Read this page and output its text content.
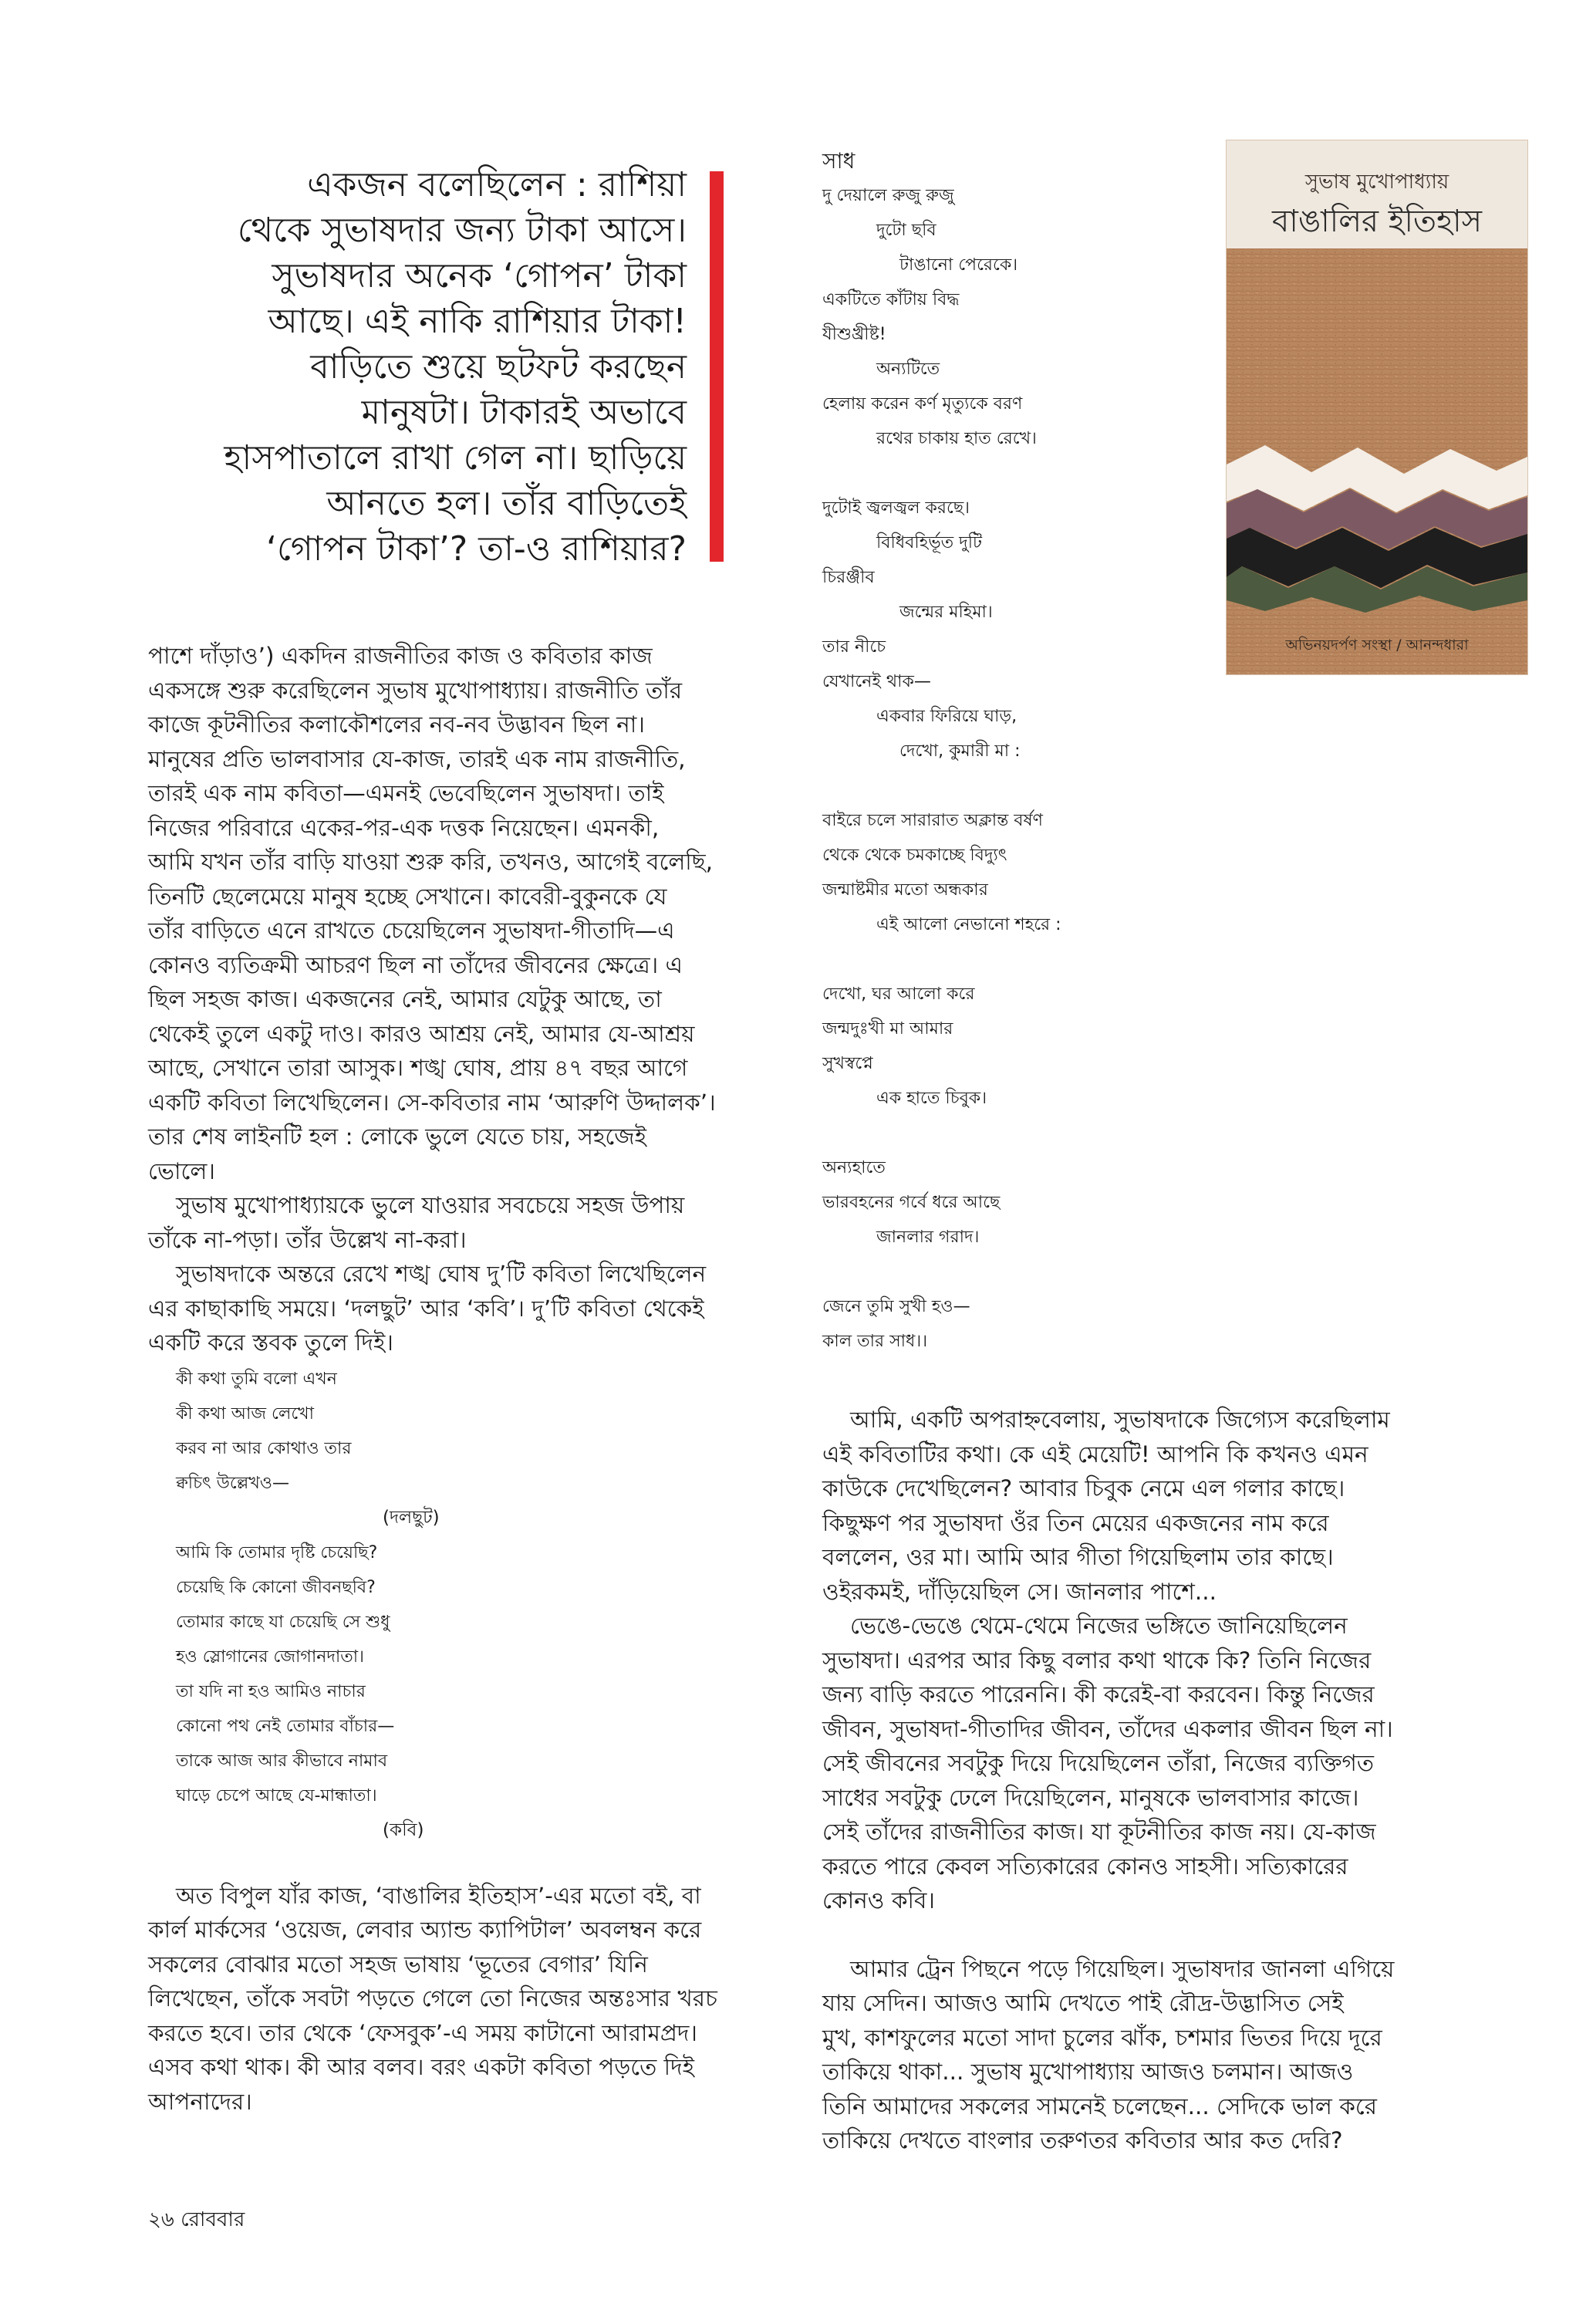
একজন বলেছিলেন : রাশিয়া
থেকে সুভাষদার জন্য টাকা আসে।
সুভাষদার অনেক ‘গোপন’ টাকা
আছে। এই নাকি রাশিয়ার টাকা!
বাড়িতে শুয়ে ছটফট করছেন
মানুষটা। টাকারই অভাবে
হাসপাতালে রাখা গেল না। ছাড়িয়ে
আনতে হল। তাঁর বাড়িতেই
‘গোপন টাকা’? তা-ও রাশিয়ার?

পাশে দাঁড়াও’) একদিন রাজনীতির কাজ ও কবিতার কাজ

একসঙ্গে শুরু করেছিলেন সুভাষ মুখোপাধ্যায়। রাজনীতি তাঁর

কাজে কূটনীতির কলাকৌশলের নব-নব উদ্ভাবন ছিল না।

মানুষের প্রতি ভালবাসার যে-কাজ, তারই এক নাম রাজনীতি,

তারই এক নাম কবিতা—এমনই ভেবেছিলেন সুভাষদা। তাই

নিজের পরিবারে একের-পর-এক দত্তক নিয়েছেন। এমনকী,

আমি যখন তাঁর বাড়ি যাওয়া শুরু করি, তখনও, আগেই বলেছি,

তিনটি ছেলেমেয়ে মানুষ হচ্ছে সেখানে। কাবেরী-বুকুনকে যে

তাঁর বাড়িতে এনে রাখতে চেয়েছিলেন সুভাষদা-গীতাদি—এ

কোনও ব্যতিক্রমী আচরণ ছিল না তাঁদের জীবনের ক্ষেত্রে। এ

ছিল সহজ কাজ। একজনের নেই, আমার যেটুকু আছে, তা

থেকেই তুলে একটু দাও। কারও আশ্রয় নেই, আমার যে-আশ্রয়

আছে, সেখানে তারা আসুক। শঙ্খ ঘোষ, প্রায় ৪৭ বছর আগে

একটি কবিতা লিখেছিলেন। সে-কবিতার নাম ‘আরুণি উদ্দালক’।

তার শেষ লাইনটি হল : লোকে ভুলে যেতে চায়, সহজেই

ভোলে।

সুভাষ মুখোপাধ্যায়কে ভুলে যাওয়ার সবচেয়ে সহজ উপায়

তাঁকে না-পড়া। তাঁর উল্লেখ না-করা।

সুভাষদাকে অন্তরে রেখে শঙ্খ ঘোষ দু’টি কবিতা লিখেছিলেন

এর কাছাকাছি সময়ে। ‘দলছুট’ আর ‘কবি’। দু’টি কবিতা থেকেই

একটি করে স্তবক তুলে দিই।

কী কথা তুমি বলো এখন
কী কথা আজ লেখো
করব না আর কোথাও তার
ক্বচিৎ উল্লেখও—
(দলছুট)
আমি কি তোমার দৃষ্টি চেয়েছি?
চেয়েছি কি কোনো জীবনছবি?
তোমার কাছে যা চেয়েছি সে শুধু
হও স্লোগানের জোগানদাতা।
তা যদি না হও আমিও নাচার
কোনো পথ নেই তোমার বাঁচার—
তাকে আজ আর কীভাবে নামাব
ঘাড়ে চেপে আছে যে-মান্ধাতা।
(কবি)

অত বিপুল যাঁর কাজ, ‘বাঙালির ইতিহাস’-এর মতো বই, বা

কার্ল মার্কসের ‘ওয়েজ, লেবার অ্যান্ড ক্যাপিটাল’ অবলম্বন করে

সকলের বোঝার মতো সহজ ভাষায় ‘ভূতের বেগার’ যিনি

লিখেছেন, তাঁকে সবটা পড়তে গেলে তো নিজের অন্তঃসার খরচ

করতে হবে। তার থেকে ‘ফেসবুক’-এ সময় কাটানো আরামপ্রদ।

এসব কথা থাক। কী আর বলব। বরং একটা কবিতা পড়তে দিই

আপনাদের।

সাধ
দু দেয়ালে রুজু রুজু
দুটো ছবি
টাঙানো পেরেকে।
একটিতে কাঁটায় বিদ্ধ
যীশুখ্রীষ্ট!
অন্যটিতে
হেলায় করেন কর্ণ মৃত্যুকে বরণ
রথের চাকায় হাত রেখে।
দুটোই জ্বলজ্বল করছে।
বিধিবহির্ভূত দুটি
চিরঞ্জীব
জন্মের মহিমা।
তার নীচে
যেখানেই থাক—
একবার ফিরিয়ে ঘাড়,
দেখো, কুমারী মা :
বাইরে চলে সারারাত অক্লান্ত বর্ষণ
থেকে থেকে চমকাচ্ছে বিদ্যুৎ
জন্মাষ্টমীর মতো অন্ধকার
এই আলো নেভানো শহরে :
দেখো, ঘর আলো করে
জন্মদুঃখী মা আমার
সুখস্বপ্নে
এক হাতে চিবুক।
অন্যহাতে
ভারবহনের গর্বে ধরে আছে
জানলার গরাদ।
জেনে তুমি সুখী হও—
কাল তার সাধ।।

আমি, একটি অপরাহ্নবেলায়, সুভাষদাকে জিগ্যেস করেছিলাম

এই কবিতাটির কথা। কে এই মেয়েটি! আপনি কি কখনও এমন

কাউকে দেখেছিলেন? আবার চিবুক নেমে এল গলার কাছে।

কিছুক্ষণ পর সুভাষদা ওঁর তিন মেয়ের একজনের নাম করে

বললেন, ওর মা। আমি আর গীতা গিয়েছিলাম তার কাছে।

ওইরকমই, দাঁড়িয়েছিল সে। জানলার পাশে...

ভেঙে-ভেঙে থেমে-থেমে নিজের ভঙ্গিতে জানিয়েছিলেন

সুভাষদা। এরপর আর কিছু বলার কথা থাকে কি? তিনি নিজের

জন্য বাড়ি করতে পারেননি। কী করেই-বা করবেন। কিন্তু নিজের

জীবন, সুভাষদা-গীতাদির জীবন, তাঁদের একলার জীবন ছিল না।

সেই জীবনের সবটুকু দিয়ে দিয়েছিলেন তাঁরা, নিজের ব্যক্তিগত

সাধের সবটুকু ঢেলে দিয়েছিলেন, মানুষকে ভালবাসার কাজে।

সেই তাঁদের রাজনীতির কাজ। যা কূটনীতির কাজ নয়। যে-কাজ

করতে পারে কেবল সত্যিকারের কোনও সাহসী। সত্যিকারের

কোনও কবি।

আমার ট্রেন পিছনে পড়ে গিয়েছিল। সুভাষদার জানলা এগিয়ে

যায় সেদিন। আজও আমি দেখতে পাই রৌদ্র-উদ্ভাসিত সেই

মুখ, কাশফুলের মতো সাদা চুলের ঝাঁক, চশমার ভিতর দিয়ে দূরে

তাকিয়ে থাকা... সুভাষ মুখোপাধ্যায় আজও চলমান। আজও

তিনি আমাদের সকলের সামনেই চলেছেন... সেদিকে ভাল করে

তাকিয়ে দেখতে বাংলার তরুণতর কবিতার আর কত দেরি?

সুভাষ মুখোপাধ্যায়
বাঙালির ইতিহাস
অভিনয়দর্পণ সংস্থা / আনন্দধারা
২৬ রোববার
